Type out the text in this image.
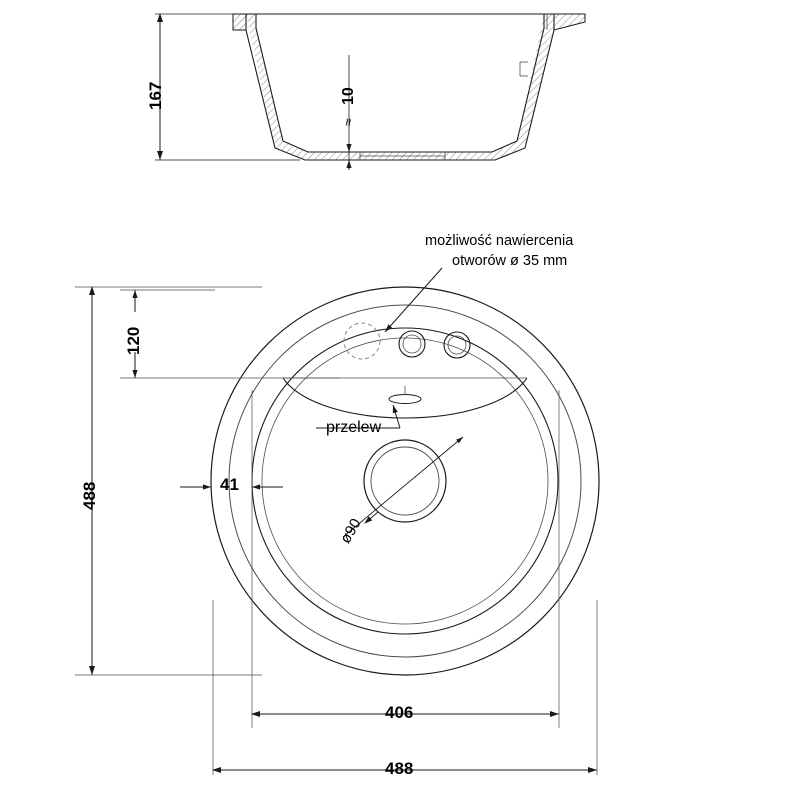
167	10
≈
możliwość nawiercenia
otworów ø 35 mm
przelew
ø90
41
120
488
406
488
